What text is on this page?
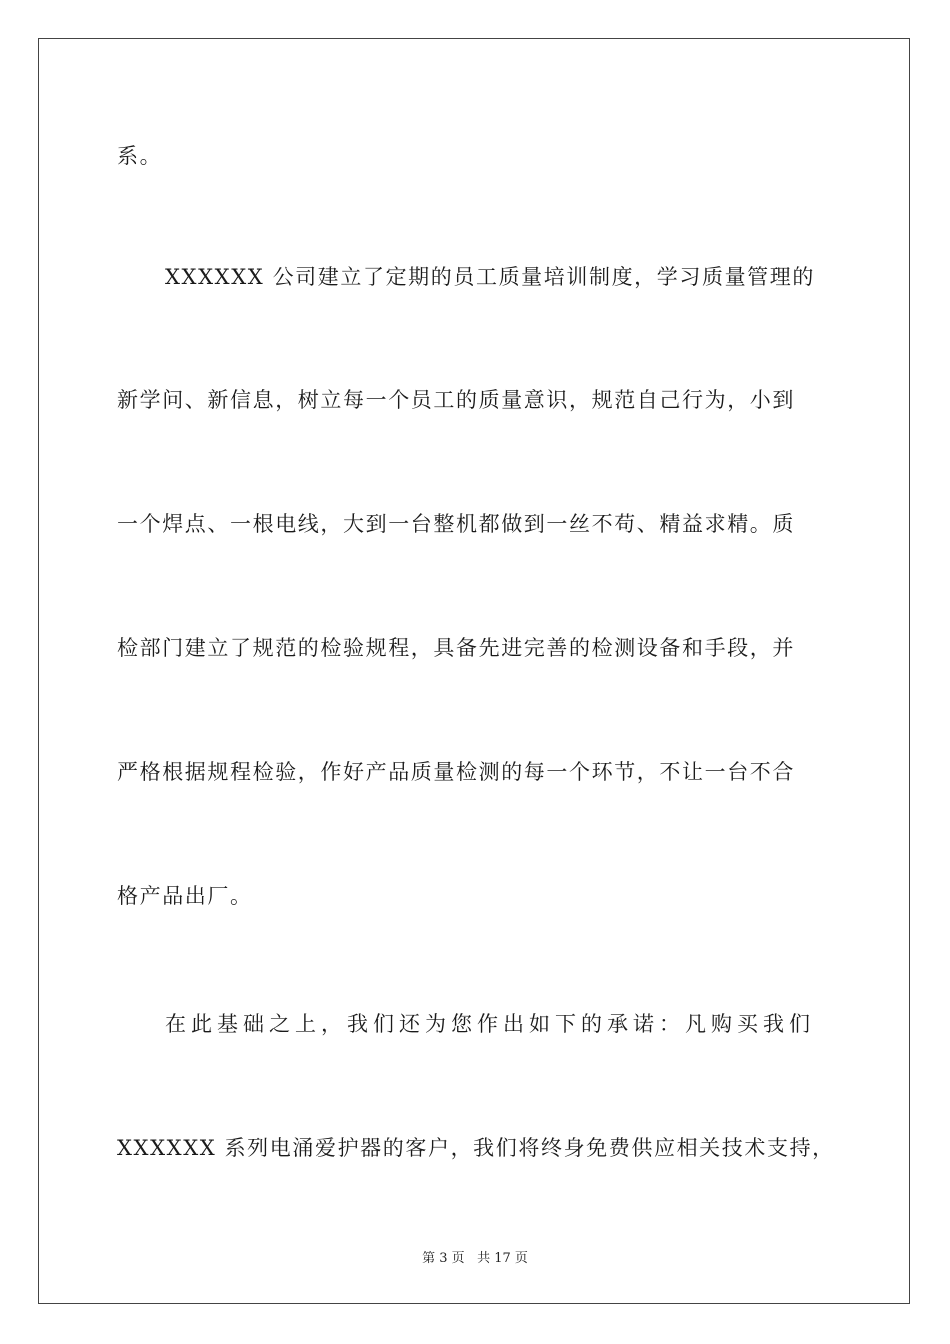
系。
XXXXXX 公司建立了定期的员工质量培训制度，学习质量管理的
新学问、新信息，树立每一个员工的质量意识，规范自己行为，小到
一个焊点、一根电线，大到一台整机都做到一丝不苟、精益求精。质
检部门建立了规范的检验规程，具备先进完善的检测设备和手段，并
严格根据规程检验，作好产品质量检测的每一个环节，不让一台不合
格产品出厂。
在此基础之上，我们还为您作出如下的承诺：凡购买我们
XXXXXX 系列电涌爱护器的客户，我们将终身免费供应相关技术支持，
第 3 页 共 17 页
